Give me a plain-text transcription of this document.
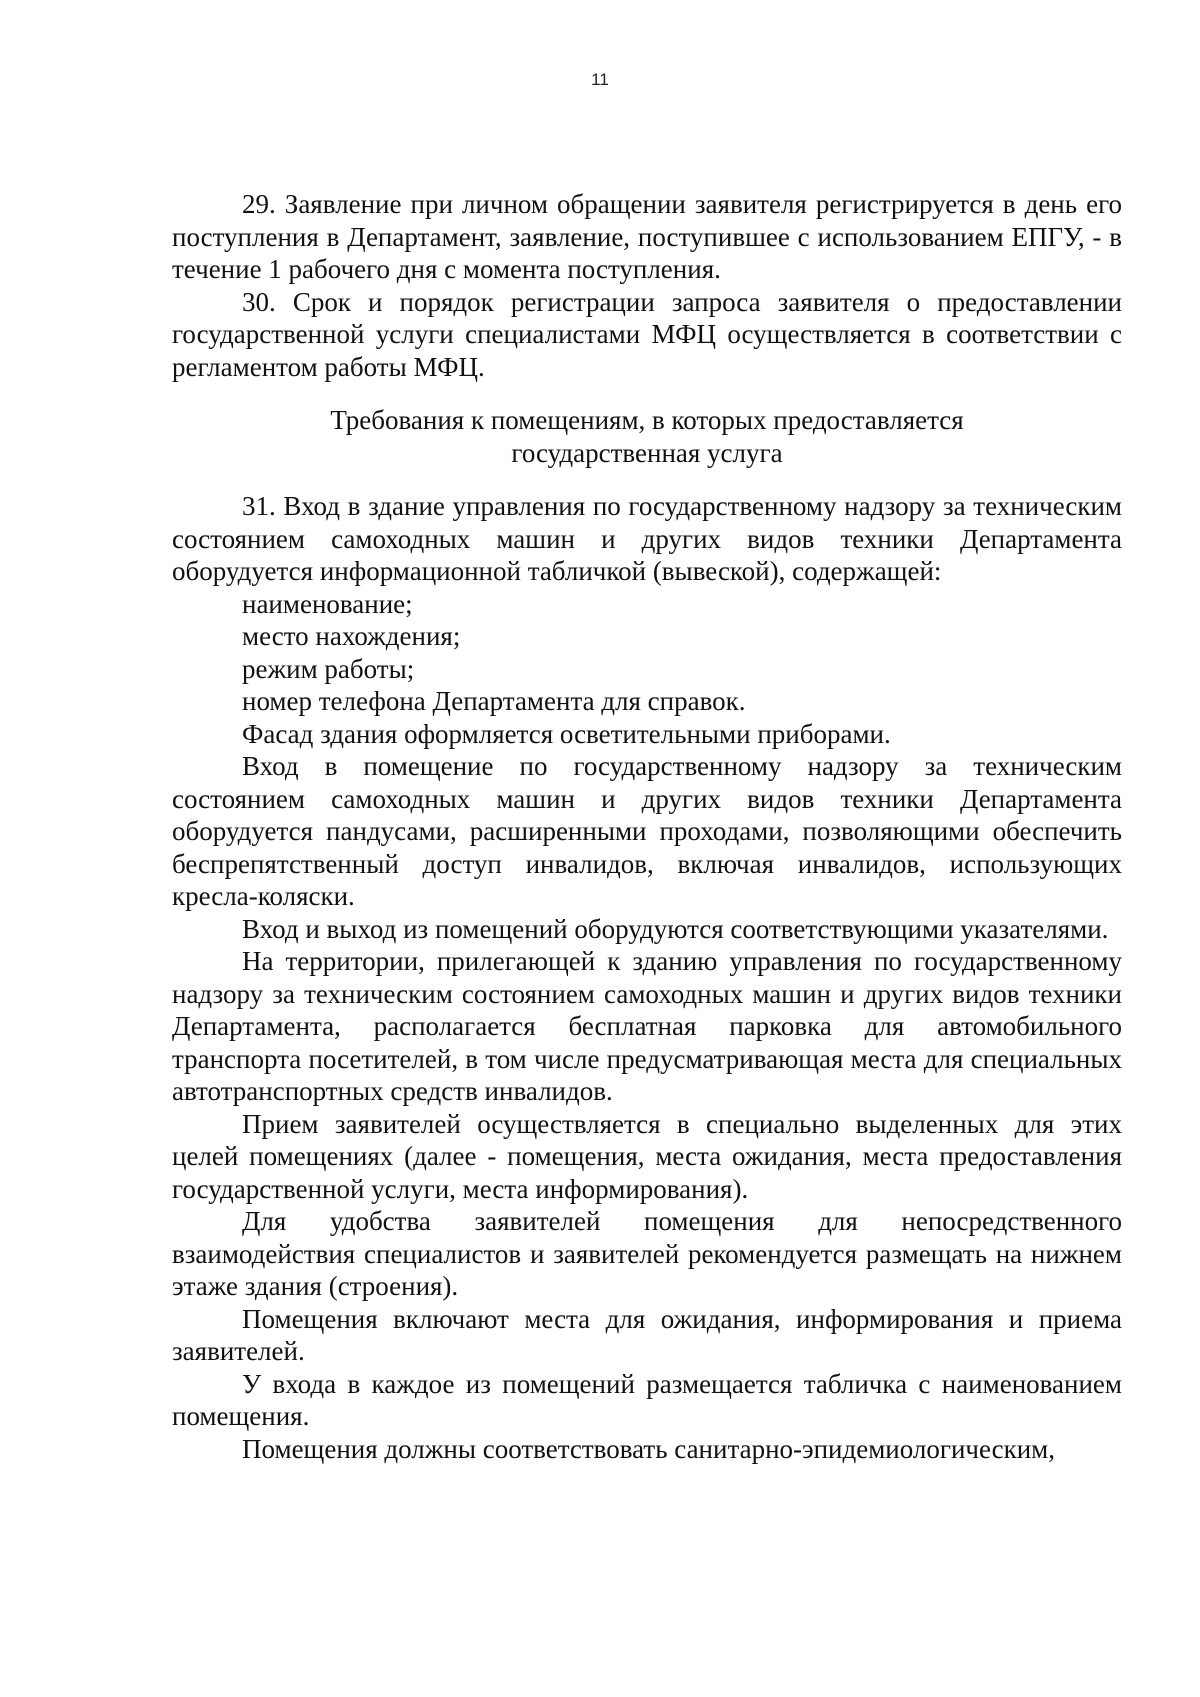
11

29. Заявление при личном обращении заявителя регистрируется в день его поступления в Департамент, заявление, поступившее с использованием ЕПГУ, - в течение 1 рабочего дня с момента поступления.

30. Срок и порядок регистрации запроса заявителя о предоставлении государственной услуги специалистами МФЦ осуществляется в соответствии с регламентом работы МФЦ.

Требования к помещениям, в которых предоставляется
государственная услуга

31. Вход в здание управления по государственному надзору за техническим состоянием самоходных машин и других видов техники Департамента оборудуется информационной табличкой (вывеской), содержащей:

наименование;

место нахождения;

режим работы;

номер телефона Департамента для справок.

Фасад здания оформляется осветительными приборами.

Вход в помещение по государственному надзору за техническим состоянием самоходных машин и других видов техники Департамента оборудуется пандусами, расширенными проходами, позволяющими обеспечить беспрепятственный доступ инвалидов, включая инвалидов, использующих кресла-коляски.

Вход и выход из помещений оборудуются соответствующими указателями.

На территории, прилегающей к зданию управления по государственному надзору за техническим состоянием самоходных машин и других видов техники Департамента, располагается бесплатная парковка для автомобильного транспорта посетителей, в том числе предусматривающая места для специальных автотранспортных средств инвалидов.

Прием заявителей осуществляется в специально выделенных для этих целей помещениях (далее - помещения, места ожидания, места предоставления государственной услуги, места информирования).

Для удобства заявителей помещения для непосредственного взаимодействия специалистов и заявителей рекомендуется размещать на нижнем этаже здания (строения).

Помещения включают места для ожидания, информирования и приема заявителей.

У входа в каждое из помещений размещается табличка с наименованием помещения.

Помещения должны соответствовать санитарно-эпидемиологическим,
